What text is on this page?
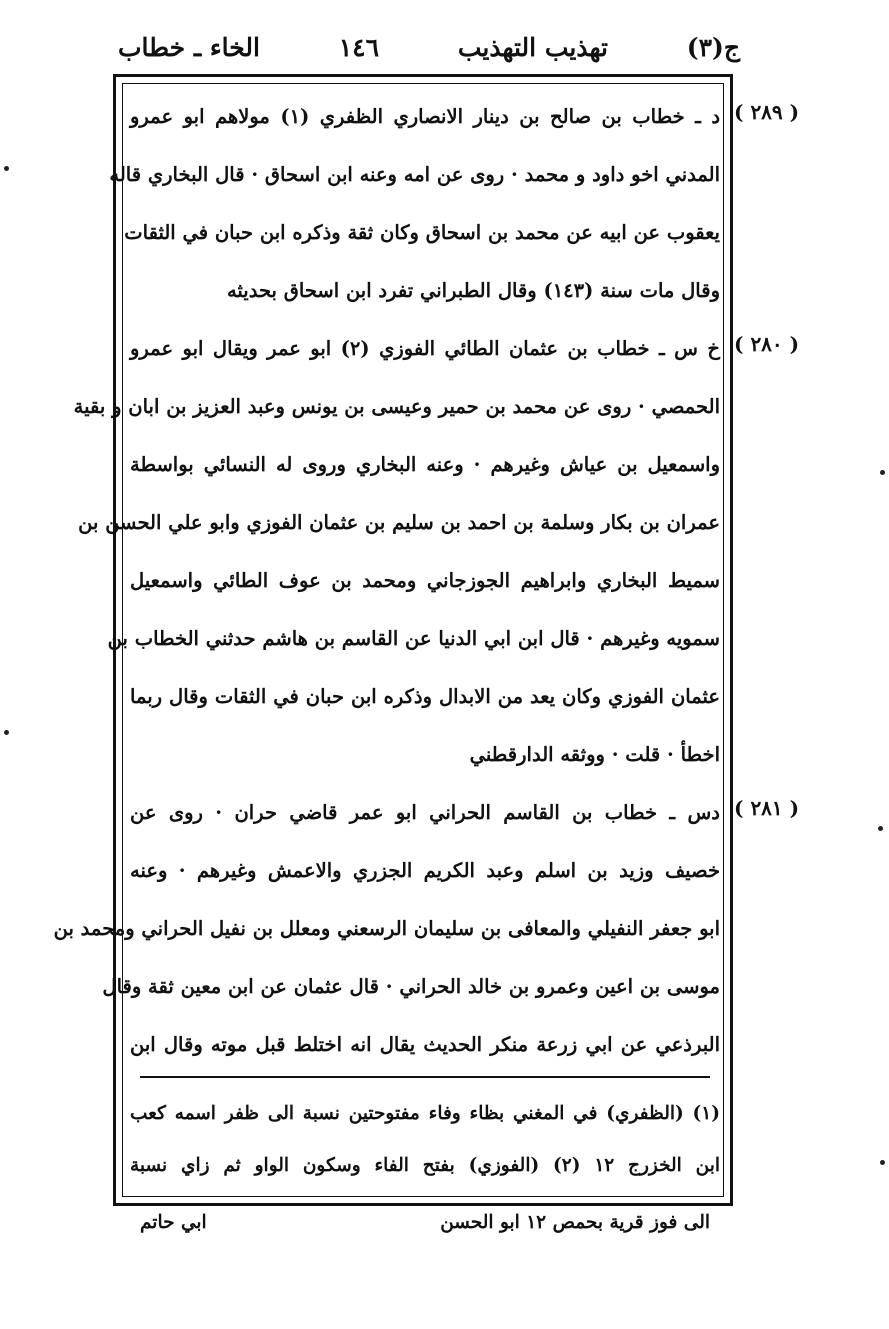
ج(٣)
تهذيب التهذيب
١٤٦
الخاء ـ خطاب
د ـ خطاب بن صالح بن دينار الانصاري الظفري (١) مولاهم ابو عمرو
المدني اخو داود و محمد · روى عن امه وعنه ابن اسحاق · قال البخاري قاله
يعقوب عن ابيه عن محمد بن اسحاق وكان ثقة وذكره ابن حبان في الثقات
وقال مات سنة (١٤٣) وقال الطبراني تفرد ابن اسحاق بحديثه
خ س ـ خطاب بن عثمان الطائي الفوزي (٢) ابو عمر ويقال ابو عمرو
الحمصي · روى عن محمد بن حمير وعيسى بن يونس وعبد العزيز بن ابان و بقية
واسمعيل بن عياش وغيرهم · وعنه البخاري وروى له النسائي بواسطة
عمران بن بكار وسلمة بن احمد بن سليم بن عثمان الفوزي وابو علي الحسن بن
سميط البخاري وابراهيم الجوزجاني ومحمد بن عوف الطائي واسمعيل
سمويه وغيرهم · قال ابن ابي الدنيا عن القاسم بن هاشم حدثني الخطاب بن
عثمان الفوزي وكان يعد من الابدال وذكره ابن حبان في الثقات وقال ربما
اخطأ · قلت · ووثقه الدارقطني
دس ـ خطاب بن القاسم الحراني ابو عمر قاضي حران · روى عن
خصيف وزيد بن اسلم وعبد الكريم الجزري والاعمش وغيرهم · وعنه
ابو جعفر النفيلي والمعافى بن سليمان الرسعني ومعلل بن نفيل الحراني ومحمد بن
موسى بن اعين وعمرو بن خالد الحراني · قال عثمان عن ابن معين ثقة وقال
البرذعي عن ابي زرعة منكر الحديث يقال انه اختلط قبل موته وقال ابن
( ٢٨٩ )
( ٢٨٠ )
( ٢٨١ )
(١) (الظفري) في المغني بظاء وفاء مفتوحتين نسبة الى ظفر اسمه كعب
ابن الخزرج ١٢ (٢) (الفوزي) بفتح الفاء وسكون الواو ثم زاي نسبة
الى فوز قرية بحمص ١٢ ابو الحسن
ابي حاتم
